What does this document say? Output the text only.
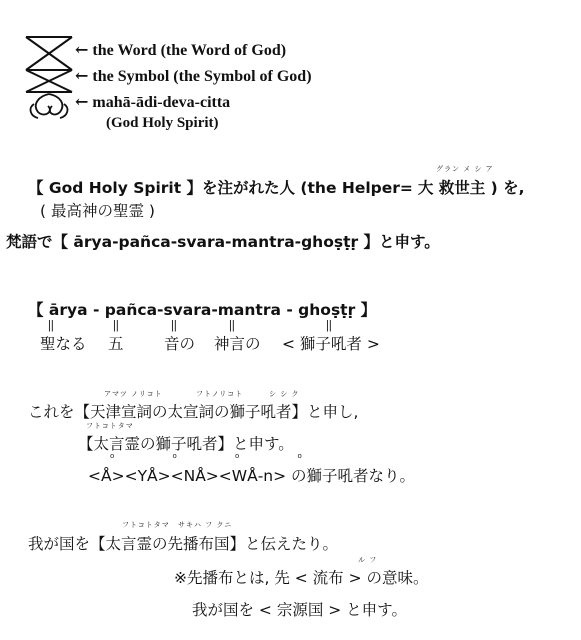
← the Word (the Word of God)
← the Symbol (the Symbol of God)
← mahā-ādi-deva-citta
(God Holy Spirit)
グラン メ シ ア
【 God Holy Spirit 】を注がれた人 (the Helper= 大 救世主 ) を,
( 最高神の聖霊 )
梵語で【 ārya-pañca-svara-mantra-ghoṣṭṛ 】と申す。
【 ārya - pañca-svara-mantra - ghoṣṭṛ 】
||	||	||	||	||
聖なる 五	音の 神言の < 獅子吼者 >
アマツ ノリコト	フトノリコト	シ シ ク
これを【天津宣詞の太宣詞の獅子吼者】と申し,
フトコトタマ
【太言霊の獅子吼者】と申す。
o o o o
<Å><YÅ><NÅ><WÅ-n> の獅子吼者なり。
フトコトタマ サキハ フ クニ
我が国を【太言霊の先播布国】と伝えたり。
ル フ
※先播布とは, 先 < 流布 > の意味。
我が国を < 宗源国 > と申す。
